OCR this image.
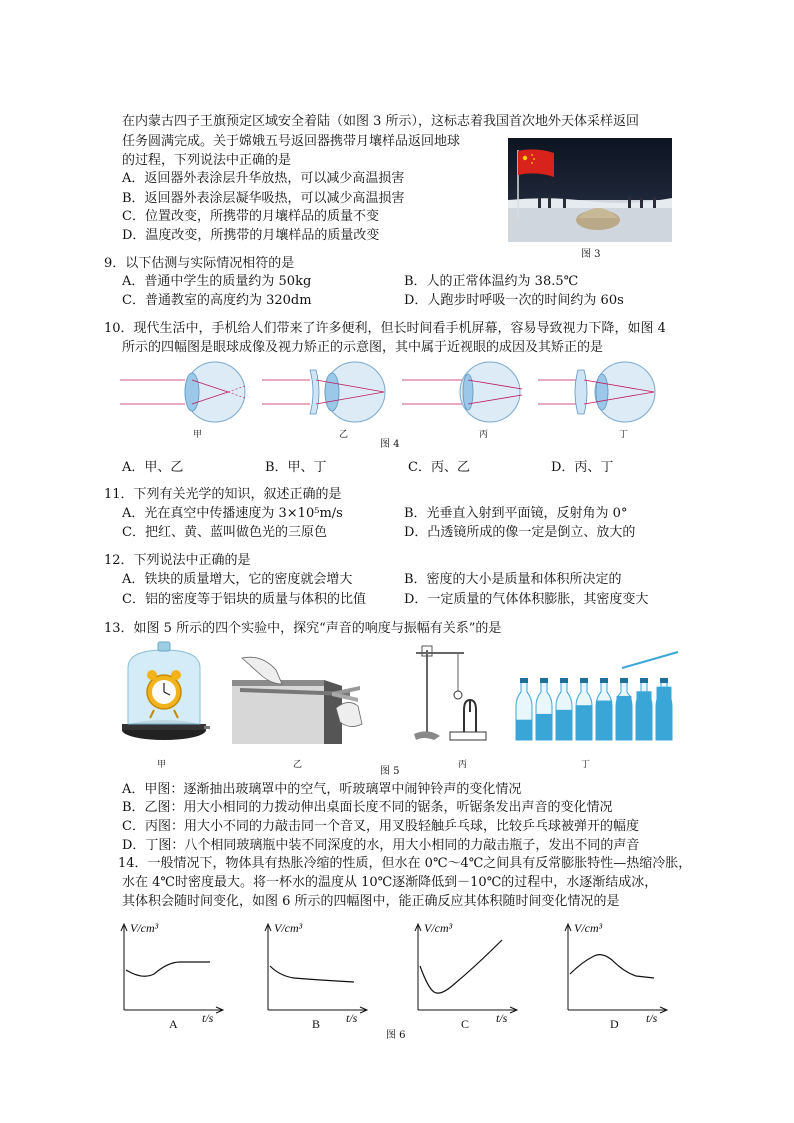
在内蒙古四子王旗预定区域安全着陆（如图 3 所示），这标志着我国首次地外天体采样返回
任务圆满完成。关于嫦娥五号返回器携带月壤样品返回地球
的过程，下列说法中正确的是
A．返回器外表涂层升华放热，可以减少高温损害
B．返回器外表涂层凝华吸热，可以减少高温损害
C．位置改变，所携带的月壤样品的质量不变
D．温度改变，所携带的月壤样品的质量改变
图 3
9．以下估测与实际情况相符的是
A．普通中学生的质量约为 50kg	B．人的正常体温约为 38.5℃
C．普通教室的高度约为 320dm	D．人跑步时呼吸一次的时间约为 60s
10．现代生活中，手机给人们带来了许多便利，但长时间看手机屏幕，容易导致视力下降，如图 4
所示的四幅图是眼球成像及视力矫正的示意图，其中属于近视眼的成因及其矫正的是
甲	乙	丙	丁
图 4
A．甲、乙	B．甲、丁	C．丙、乙	D．丙、丁
11．下列有关光学的知识，叙述正确的是
A．光在真空中传播速度为 3×10⁵m/s	B．光垂直入射到平面镜，反射角为 0°
C．把红、黄、蓝叫做色光的三原色	D．凸透镜所成的像一定是倒立、放大的
12．下列说法中正确的是
A．铁块的质量增大，它的密度就会增大	B．密度的大小是质量和体积所决定的
C．铝的密度等于铝块的质量与体积的比值	D．一定质量的气体体积膨胀，其密度变大
13．如图 5 所示的四个实验中，探究“声音的响度与振幅有关系”的是
甲	乙	丙	丁
图 5
A．甲图：逐渐抽出玻璃罩中的空气，听玻璃罩中闹钟铃声的变化情况
B．乙图：用大小相同的力拨动伸出桌面长度不同的锯条，听锯条发出声音的变化情况
C．丙图：用大小不同的力敲击同一个音叉，用叉股轻触乒乓球，比较乒乓球被弹开的幅度
D．丁图：八个相同玻璃瓶中装不同深度的水，用大小相同的力敲击瓶子，发出不同的声音
14．一般情况下，物体具有热胀冷缩的性质，但水在 0℃～4℃之间具有反常膨胀特性—热缩冷胀，
水在 4℃时密度最大。将一杯水的温度从 10℃逐渐降低到－10℃的过程中，水逐渐结成冰，
其体积会随时间变化，如图 6 所示的四幅图中，能正确反应其体积随时间变化情况的是
V/cm³
t/s
V/cm³
t/s
V/cm³
t/s
V/cm³
t/s
A	B	C	D
图 6
